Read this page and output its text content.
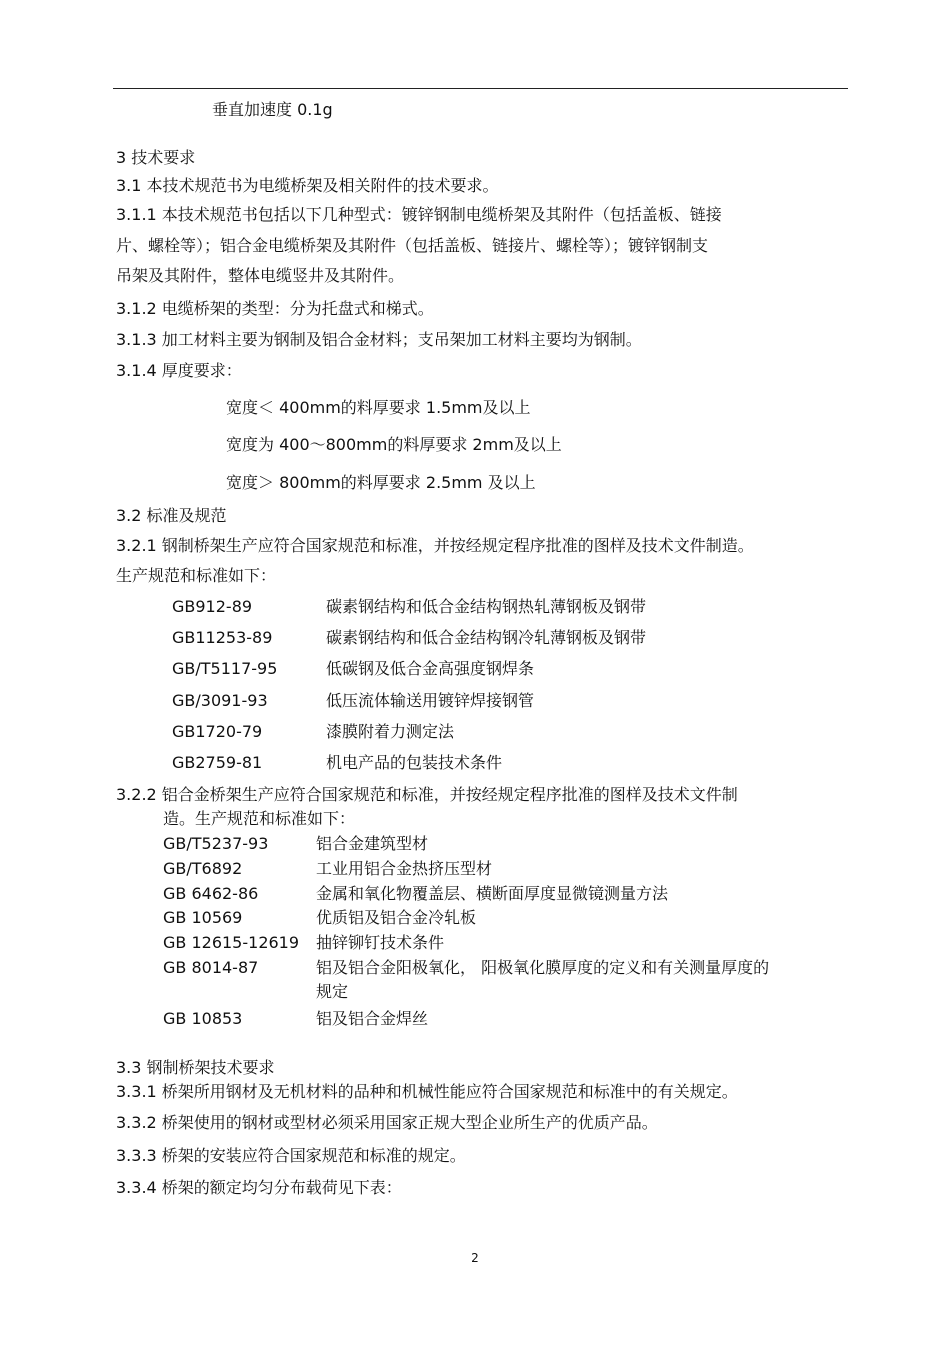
垂直加速度 0.1g
3 技术要求
3.1 本技术规范书为电缆桥架及相关附件的技术要求。
3.1.1 本技术规范书包括以下几种型式：镀锌钢制电缆桥架及其附件（包括盖板、链接
片、螺栓等）；铝合金电缆桥架及其附件（包括盖板、链接片、螺栓等）；镀锌钢制支
吊架及其附件，整体电缆竖井及其附件。
3.1.2 电缆桥架的类型：分为托盘式和梯式。
3.1.3 加工材料主要为钢制及铝合金材料；支吊架加工材料主要均为钢制。
3.1.4 厚度要求：
宽度＜ 400mm的料厚要求 1.5mm及以上
宽度为 400～800mm的料厚要求 2mm及以上
宽度＞ 800mm的料厚要求 2.5mm 及以上
3.2 标准及规范
3.2.1 钢制桥架生产应符合国家规范和标准，并按经规定程序批准的图样及技术文件制造。
生产规范和标准如下：
GB912-89	碳素钢结构和低合金结构钢热轧薄钢板及钢带
GB11253-89	碳素钢结构和低合金结构钢冷轧薄钢板及钢带
GB/T5117-95	低碳钢及低合金高强度钢焊条
GB/3091-93	低压流体输送用镀锌焊接钢管
GB1720-79	漆膜附着力测定法
GB2759-81	机电产品的包装技术条件
3.2.2 铝合金桥架生产应符合国家规范和标准，并按经规定程序批准的图样及技术文件制
造。生产规范和标准如下：
GB/T5237-93	铝合金建筑型材
GB/T6892	工业用铝合金热挤压型材
GB 6462-86	金属和氧化物覆盖层、横断面厚度显微镜测量方法
GB 10569	优质铝及铝合金冷轧板
GB 12615-12619 抽锌铆钉技术条件
GB 8014-87	铝及铝合金阳极氧化， 阳极氧化膜厚度的定义和有关测量厚度的
规定
GB 10853	铝及铝合金焊丝
3.3 钢制桥架技术要求
3.3.1 桥架所用钢材及无机材料的品种和机械性能应符合国家规范和标准中的有关规定。
3.3.2 桥架使用的钢材或型材必须采用国家正规大型企业所生产的优质产品。
3.3.3 桥架的安装应符合国家规范和标准的规定。
3.3.4 桥架的额定均匀分布载荷见下表：
2
